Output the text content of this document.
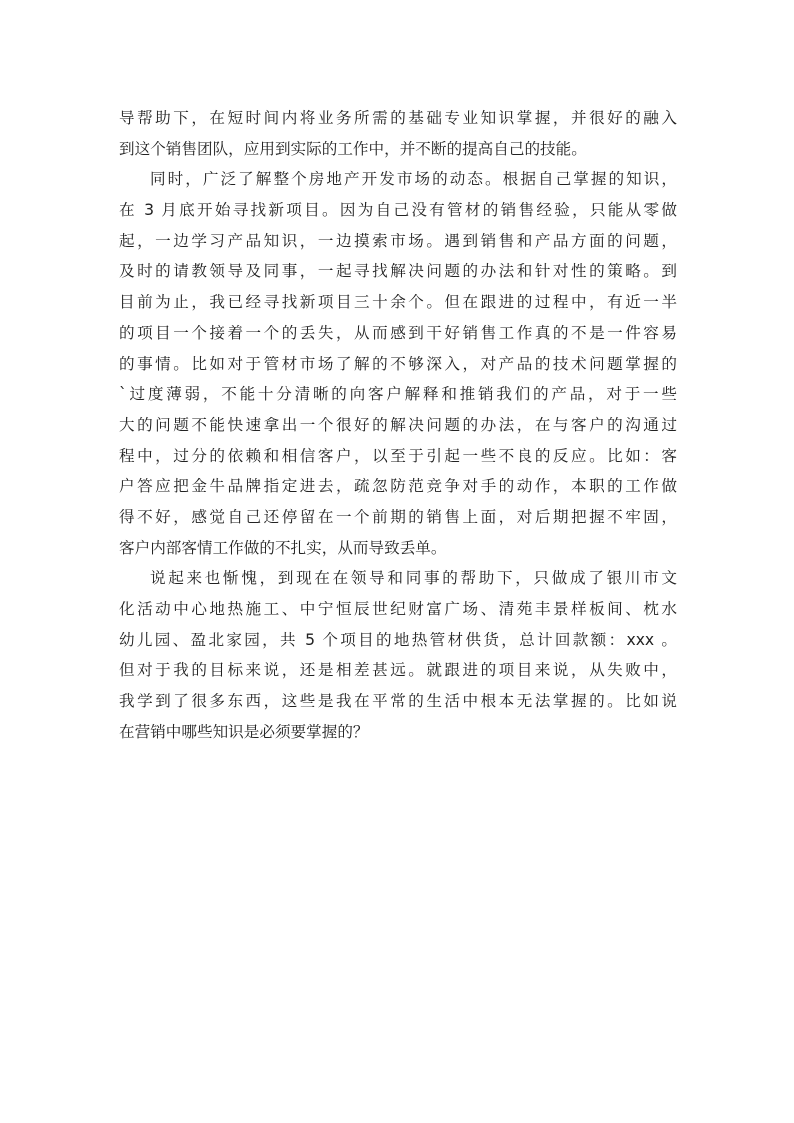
导帮助下，在短时间内将业务所需的基础专业知识掌握，并很好的融入
到这个销售团队，应用到实际的工作中，并不断的提高自己的技能。
同时，广泛了解整个房地产开发市场的动态。根据自己掌握的知识，
在 3 月底开始寻找新项目。因为自己没有管材的销售经验，只能从零做
起，一边学习产品知识，一边摸索市场。遇到销售和产品方面的问题，
及时的请教领导及同事，一起寻找解决问题的办法和针对性的策略。到
目前为止，我已经寻找新项目三十余个。但在跟进的过程中，有近一半
的项目一个接着一个的丢失，从而感到干好销售工作真的不是一件容易
的事情。比如对于管材市场了解的不够深入，对产品的技术问题掌握的
`过度薄弱，不能十分清晰的向客户解释和推销我们的产品，对于一些
大的问题不能快速拿出一个很好的解决问题的办法，在与客户的沟通过
程中，过分的依赖和相信客户，以至于引起一些不良的反应。比如：客
户答应把金牛品牌指定进去，疏忽防范竞争对手的动作，本职的工作做
得不好，感觉自己还停留在一个前期的销售上面，对后期把握不牢固，
客户内部客情工作做的不扎实，从而导致丢单。
说起来也惭愧，到现在在领导和同事的帮助下，只做成了银川市文
化活动中心地热施工、中宁恒辰世纪财富广场、清苑丰景样板间、枕水
幼儿园、盈北家园，共 5 个项目的地热管材供货，总计回款额：xxx 。
但对于我的目标来说，还是相差甚远。就跟进的项目来说，从失败中，
我学到了很多东西，这些是我在平常的生活中根本无法掌握的。比如说
在营销中哪些知识是必须要掌握的？
